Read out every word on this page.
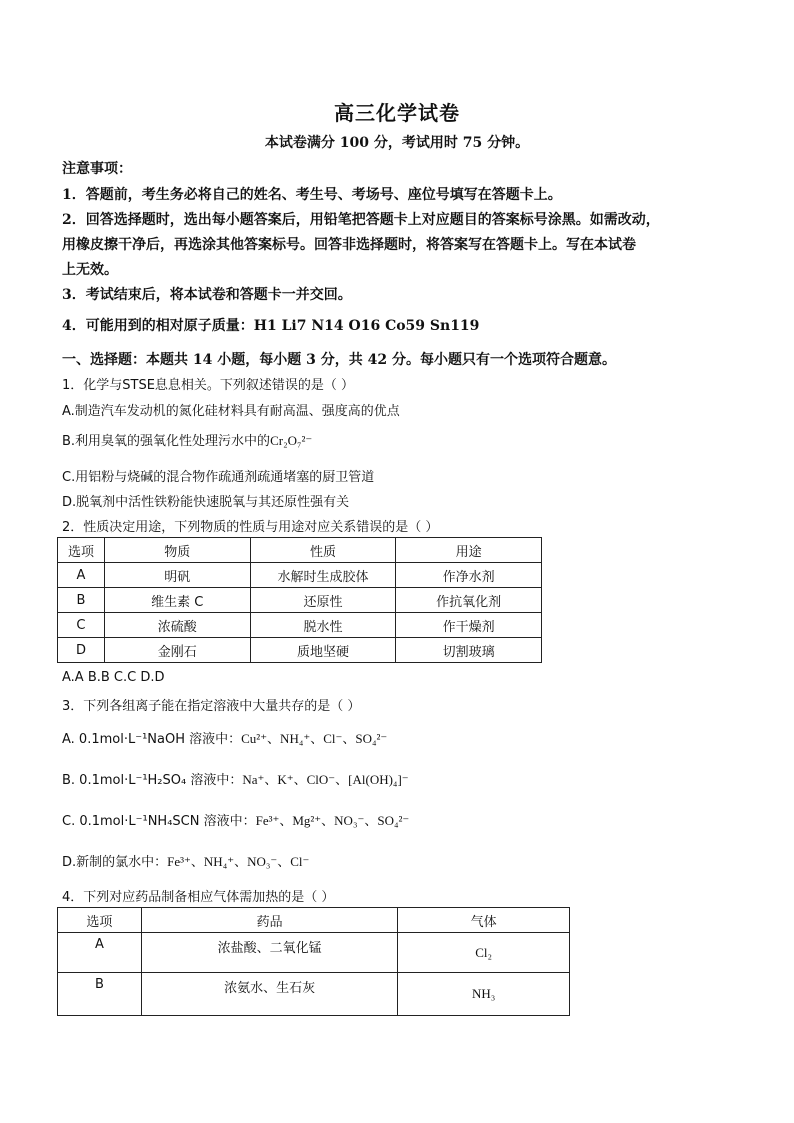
高三化学试卷
本试卷满分 100 分，考试用时 75 分钟。
注意事项：
1．答题前，考生务必将自己的姓名、考生号、考场号、座位号填写在答题卡上。
2．回答选择题时，选出每小题答案后，用铅笔把答题卡上对应题目的答案标号涂黑。如需改动，
用橡皮擦干净后，再选涂其他答案标号。回答非选择题时，将答案写在答题卡上。写在本试卷
上无效。
3．考试结束后，将本试卷和答题卡一并交回。
4．可能用到的相对原子质量：H1 Li7 N14 O16 Co59 Sn119
一、选择题：本题共 14 小题，每小题 3 分，共 42 分。每小题只有一个选项符合题意。
1．化学与STSE息息相关。下列叙述错误的是（ ）
A.制造汽车发动机的氮化硅材料具有耐高温、强度高的优点
B.利用臭氧的强氧化性处理污水中的Cr₂O₇²⁻
C.用铝粉与烧碱的混合物作疏通剂疏通堵塞的厨卫管道
D.脱氧剂中活性铁粉能快速脱氧与其还原性强有关
2．性质决定用途，下列物质的性质与用途对应关系错误的是（ ）
选项	物质	性质	用途
A	明矾	水解时生成胶体	作净水剂
B	维生素 C	还原性	作抗氧化剂
C	浓硫酸	脱水性	作干燥剂
D	金刚石	质地坚硬	切割玻璃
A.A B.B C.C D.D
3．下列各组离子能在指定溶液中大量共存的是（ ）
A. 0.1mol·L⁻¹NaOH 溶液中：Cu²⁺、NH₄⁺、Cl⁻、SO₄²⁻
B. 0.1mol·L⁻¹H₂SO₄ 溶液中：Na⁺、K⁺、ClO⁻、[Al(OH)₄]⁻
C. 0.1mol·L⁻¹NH₄SCN 溶液中：Fe³⁺、Mg²⁺、NO₃⁻、SO₄²⁻
D.新制的氯水中：Fe³⁺、NH₄⁺、NO₃⁻、Cl⁻
4．下列对应药品制备相应气体需加热的是（ ）
选项	药品	气体
A	浓盐酸、二氧化锰	Cl₂
B	浓氨水、生石灰	NH₃
